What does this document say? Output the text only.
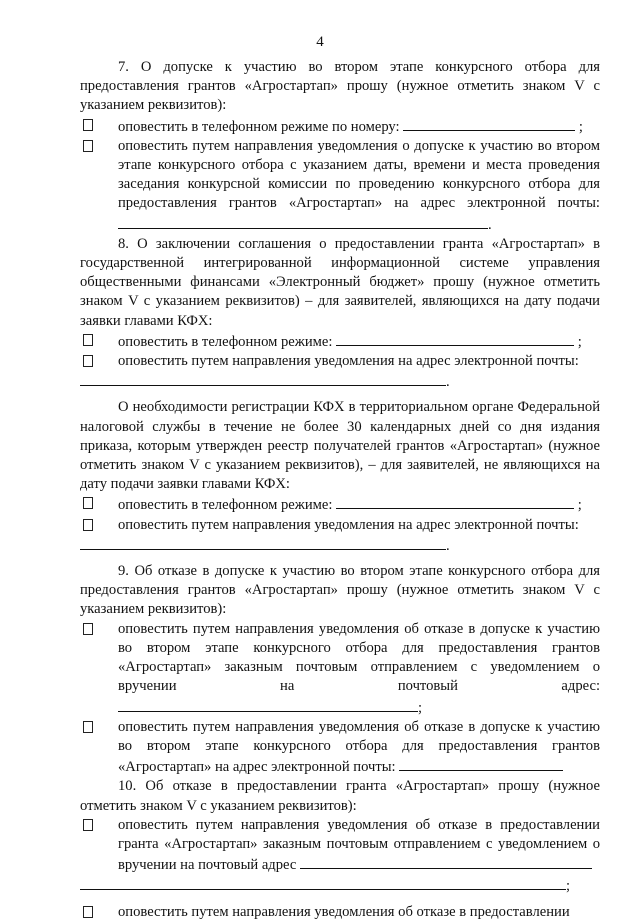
4

7. О допуске к участию во втором этапе конкурсного отбора для предоставления грантов «Агростартап» прошу (нужное отметить знаком V с указанием реквизитов):

оповестить в телефонном режиме по номеру:	;

оповестить путем направления уведомления о допуске к участию во втором этапе конкурсного отбора с указанием даты, времени и места проведения заседания конкурсной комиссии по проведению конкурсного отбора для предоставления грантов «Агростартап» на адрес электронной почты: .

8. О заключении соглашения о предоставлении гранта «Агростартап» в государственной интегрированной информационной системе управления общественными финансами «Электронный бюджет» прошу (нужное отметить знаком V с указанием реквизитов) – для заявителей, являющихся на дату подачи заявки главами КФХ:

оповестить в телефонном режиме:	;

оповестить путем направления уведомления на адрес электронной почты:

.

О необходимости регистрации КФХ в территориальном органе Федеральной налоговой службы в течение не более 30 календарных дней со дня издания приказа, которым утвержден реестр получателей грантов «Агростартап» (нужное отметить знаком V с указанием реквизитов), – для заявителей, не являющихся на дату подачи заявки главами КФХ:

оповестить в телефонном режиме:	;

оповестить путем направления уведомления на адрес электронной почты:

.

9. Об отказе в допуске к участию во втором этапе конкурсного отбора для предоставления грантов «Агростартап» прошу (нужное отметить знаком V с указанием реквизитов):

оповестить путем направления уведомления об отказе в допуске к участию во втором этапе конкурсного отбора для предоставления грантов «Агростартап» заказным почтовым отправлением с уведомлением о вручении на почтовый адрес: ;

оповестить путем направления уведомления об отказе в допуске к участию во втором этапе конкурсного отбора для предоставления грантов «Агростартап» на адрес электронной почты:

10. Об отказе в предоставлении гранта «Агростартап» прошу (нужное отметить знаком V с указанием реквизитов):

оповестить путем направления уведомления об отказе в предоставлении гранта «Агростартап» заказным почтовым отправлением с уведомлением о вручении на почтовый адрес

;

оповестить путем направления уведомления об отказе в предоставлении
